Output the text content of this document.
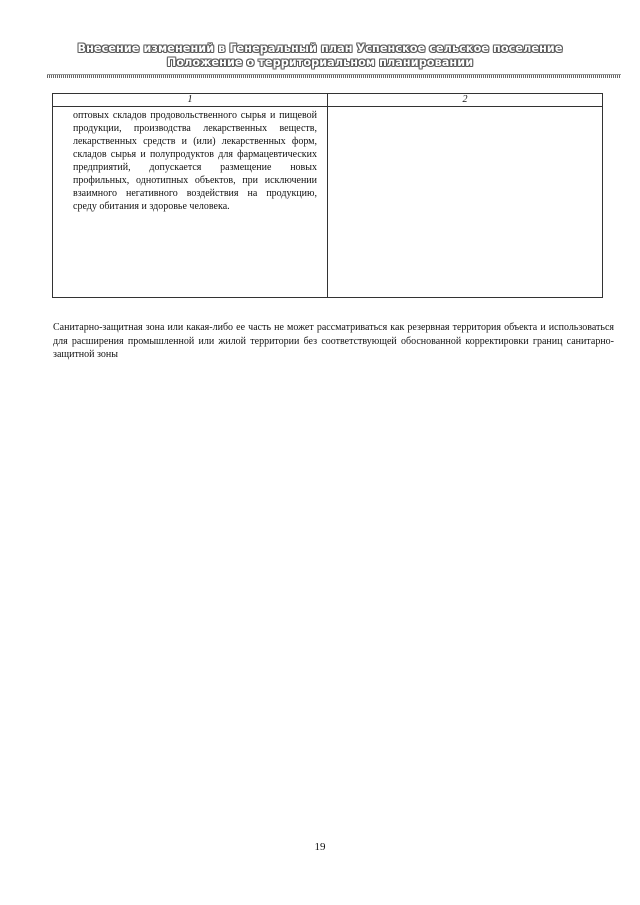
Внесение изменений в Генеральный план Успенское сельское поселение
Положение о территориальном планировании
1	2

оптовых складов продовольственного сырья и пищевой продукции, производства лекарственных веществ, лекарственных средств и (или) лекарственных форм, складов сырья и полупродуктов для фармацевтических предприятий, допускается размещение новых профильных, однотипных объектов, при исключении взаимного негативного воздействия на продукцию, среду обитания и здоровье человека.	

Санитарно-защитная зона или какая-либо ее часть не может рассматриваться как резервная территория объекта и использоваться для расширения промышленной или жилой территории без соответствующей обоснованной корректировки границ санитарно-защитной зоны

19
